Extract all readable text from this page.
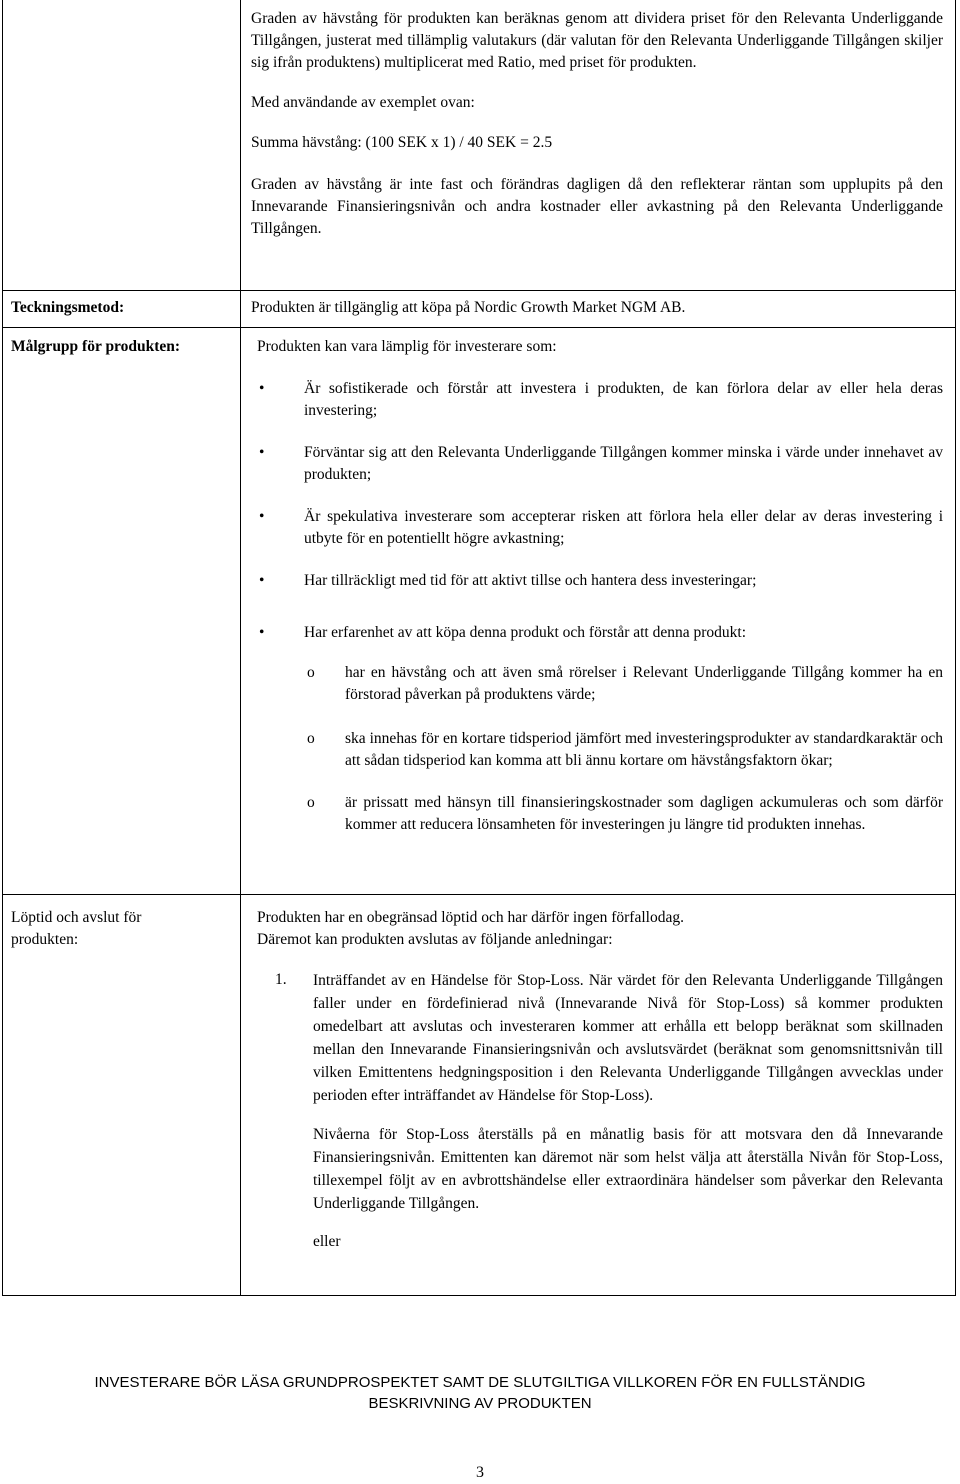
Graden av hävstång för produkten kan beräknas genom att dividera priset för den Relevanta Underliggande Tillgången, justerat med tillämplig valutakurs (där valutan för den Relevanta Underliggande Tillgången skiljer sig ifrån produktens) multiplicerat med Ratio, med priset för produkten.

Med användande av exemplet ovan:

Summa hävstång: (100 SEK x 1) / 40 SEK = 2.5

Graden av hävstång är inte fast och förändras dagligen då den reflekterar räntan som upplupits på den Innevarande Finansieringsnivån och andra kostnader eller avkastning på den Relevanta Underliggande Tillgången.

Teckningsmetod:	Produkten är tillgänglig att köpa på Nordic Growth Market NGM AB.

Målgrupp för produkten:	Produkten kan vara lämplig för investerare som:

•	Är sofistikerade och förstår att investera i produkten, de kan förlora delar av eller hela deras investering;
•	Förväntar sig att den Relevanta Underliggande Tillgången kommer minska i värde under innehavet av produkten;
•	Är spekulativa investerare som accepterar risken att förlora hela eller delar av deras investering i utbyte för en potentiellt högre avkastning;
•	Har tillräckligt med tid för att aktivt tillse och hantera dess investeringar;
•	Har erfarenhet av att köpa denna produkt och förstår att denna produkt:
o har en hävstång och att även små rörelser i Relevant Underliggande Tillgång kommer ha en förstorad påverkan på produktens värde;
o ska innehas för en kortare tidsperiod jämfört med investeringsprodukter av standardkaraktär och att sådan tidsperiod kan komma att bli ännu kortare om hävstångsfaktorn ökar;
o är prissatt med hänsyn till finansieringskostnader som dagligen ackumuleras och som därför kommer att reducera lönsamheten för investeringen ju längre tid produkten innehas.
Löptid och avslut för produkten:

Produkten har en obegränsad löptid och har därför ingen förfallodag.

Däremot kan produkten avslutas av följande anledningar:

1. Inträffandet av en Händelse för Stop-Loss. När värdet för den Relevanta Underliggande Tillgången faller under en fördefinierad nivå (Innevarande Nivå för Stop-Loss) så kommer produkten omedelbart att avslutas och investeraren kommer att erhålla ett belopp beräknat som skillnaden mellan den Innevarande Finansieringsnivån och avslutsvärdet (beräknat som genomsnittsnivån till vilken Emittentens hedgningsposition i den Relevanta Underliggande Tillgången avvecklas under perioden efter inträffandet av Händelse för Stop-Loss).

Nivåerna för Stop-Loss återställs på en månatlig basis för att motsvara den då Innevarande Finansieringsnivån. Emittenten kan däremot när som helst välja att återställa Nivån för Stop-Loss, tillexempel följt av en avbrottshändelse eller extraordinära händelser som påverkar den Relevanta Underliggande Tillgången.

eller

INVESTERARE BÖR LÄSA GRUNDPROSPEKTET SAMT DE SLUTGILTIGA VILLKOREN FÖR EN FULLSTÄNDIG
BESKRIVNING AV PRODUKTEN
3
